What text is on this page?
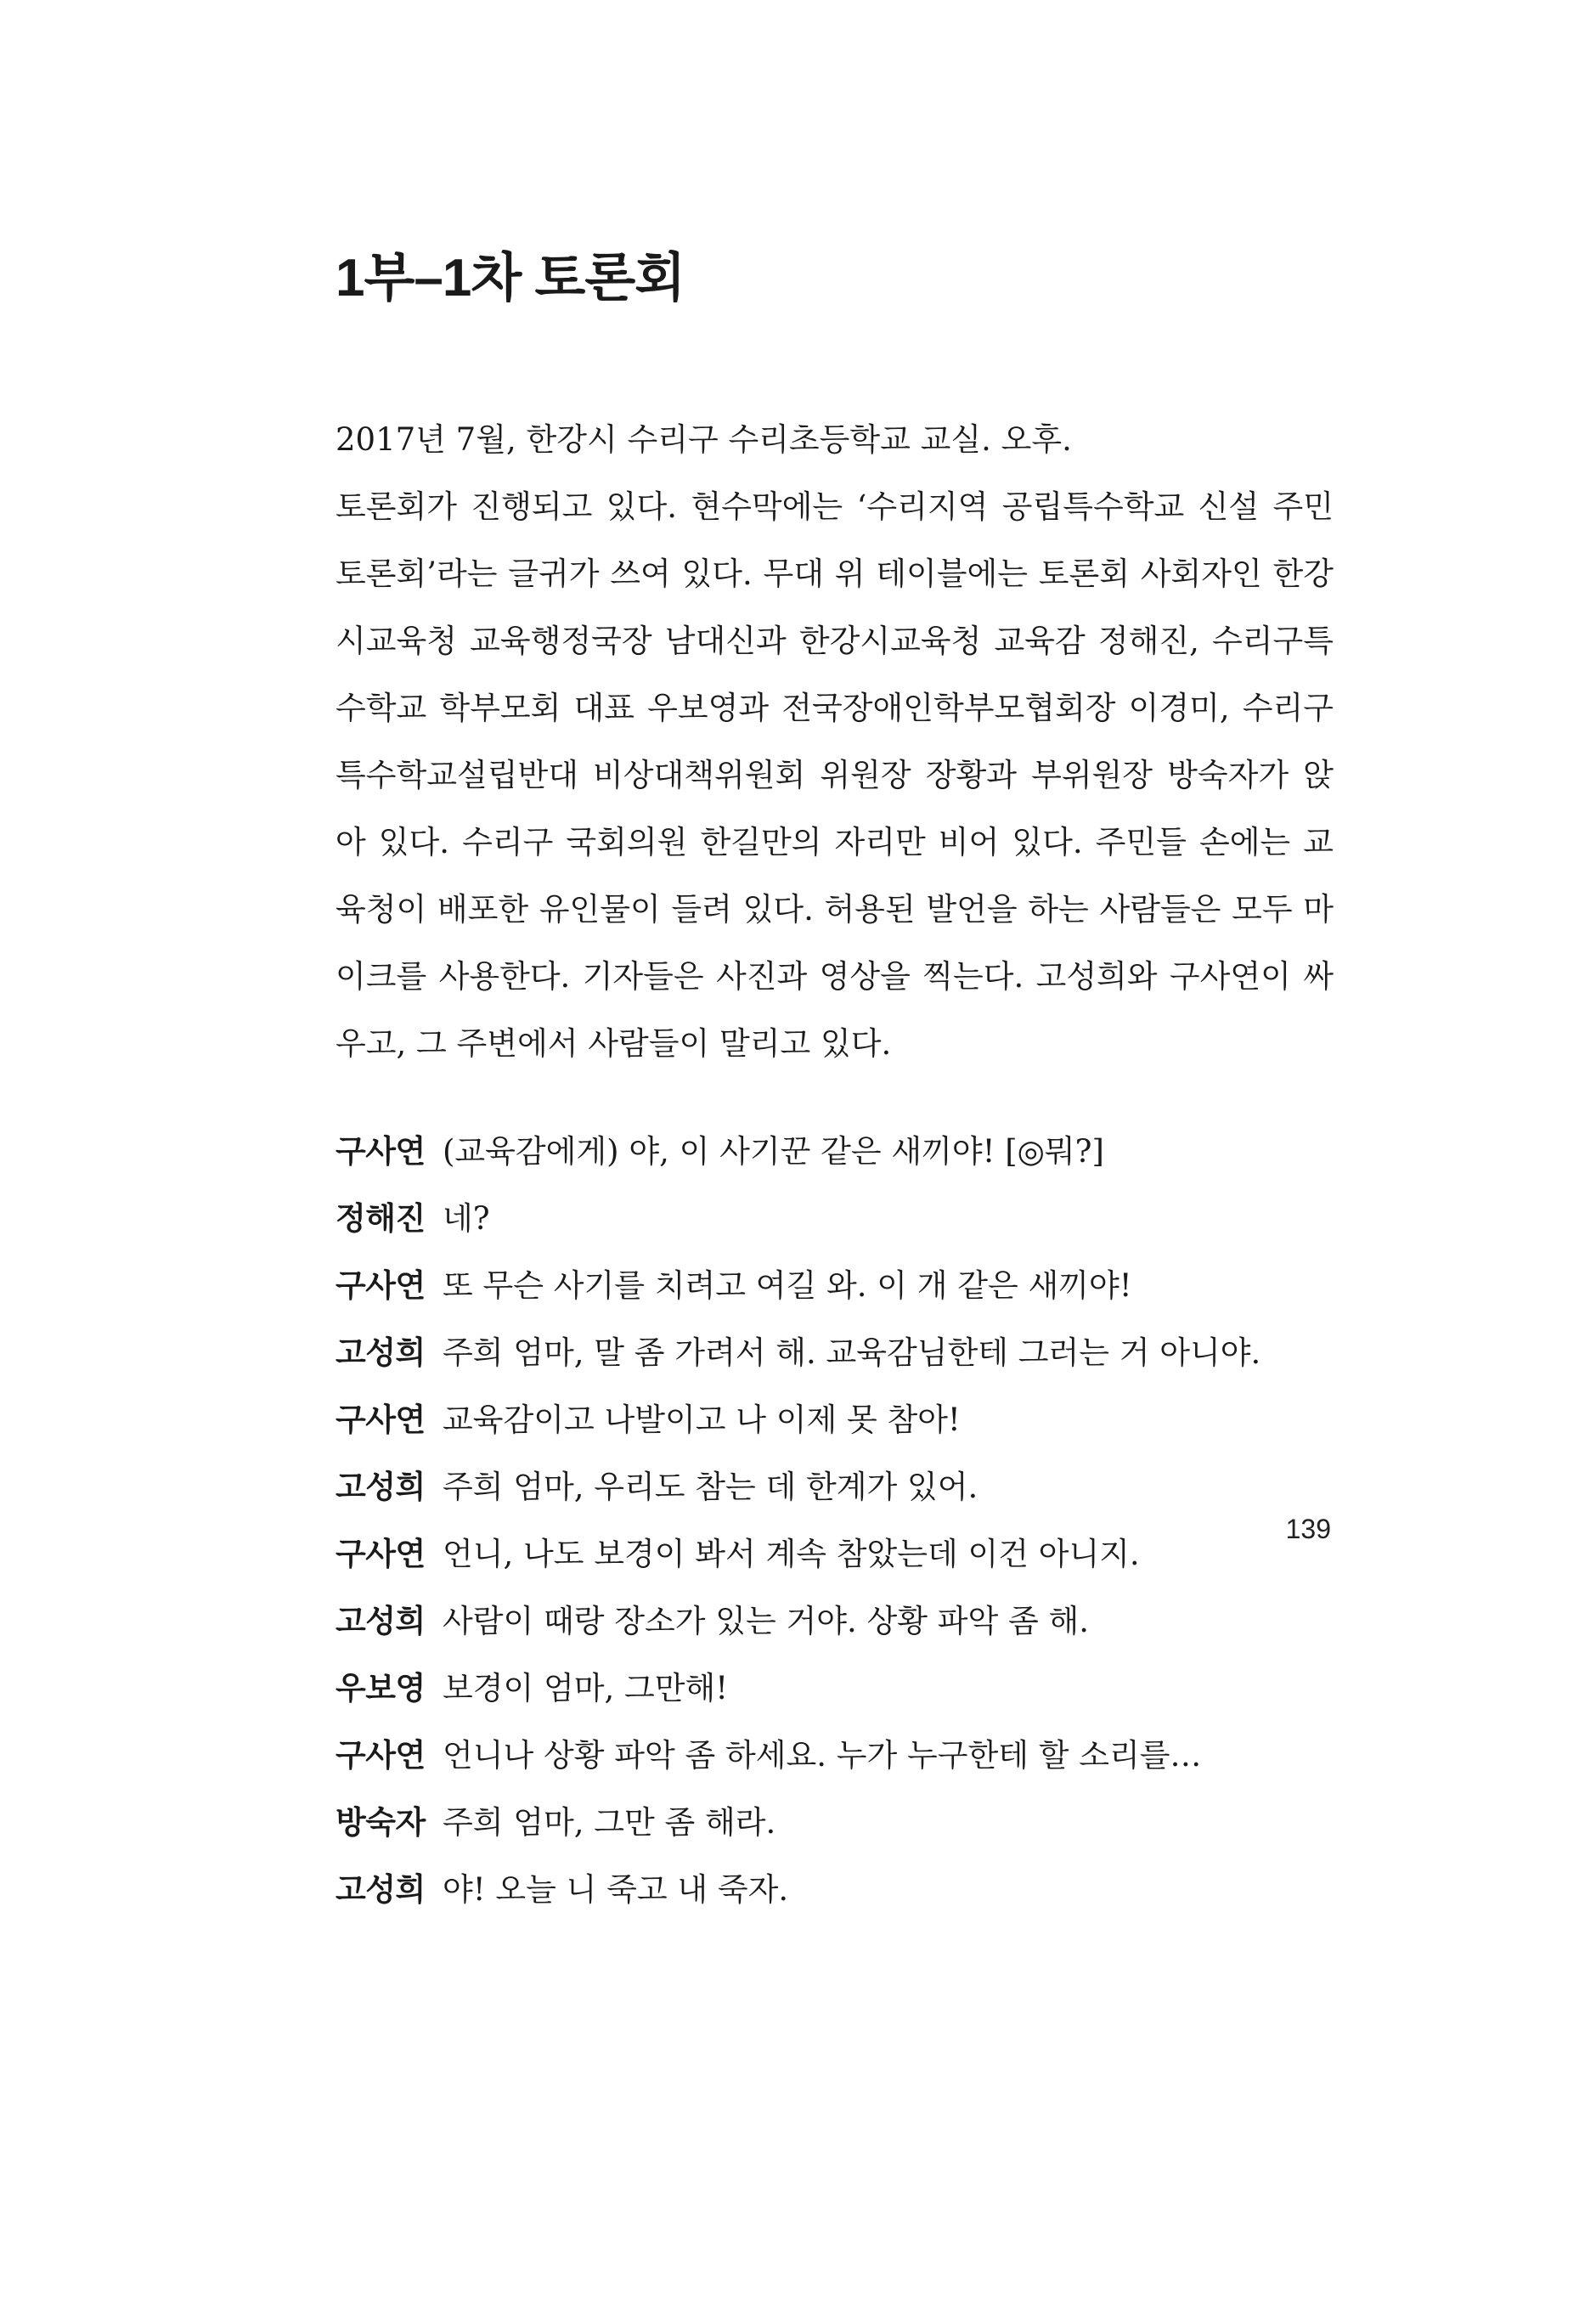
1부–1차 토론회

2017년 7월, 한강시 수리구 수리초등학교 교실. 오후.

토론회가 진행되고 있다. 현수막에는 ‘수리지역 공립특수학교 신설 주민 토론회’라는 글귀가 쓰여 있다. 무대 위 테이블에는 토론회 사회자인 한강시교육청 교육행정국장 남대신과 한강시교육청 교육감 정해진, 수리구특수학교 학부모회 대표 우보영과 전국장애인학부모협회장 이경미, 수리구특수학교설립반대 비상대책위원회 위원장 장황과 부위원장 방숙자가 앉아 있다. 수리구 국회의원 한길만의 자리만 비어 있다. 주민들 손에는 교육청이 배포한 유인물이 들려 있다. 허용된 발언을 하는 사람들은 모두 마이크를 사용한다. 기자들은 사진과 영상을 찍는다. 고성희와 구사연이 싸우고, 그 주변에서 사람들이 말리고 있다.

구사연 (교육감에게) 야, 이 사기꾼 같은 새끼야! [◎뭐?]
정해진 네?
구사연 또 무슨 사기를 치려고 여길 와. 이 개 같은 새끼야!
고성희 주희 엄마, 말 좀 가려서 해. 교육감님한테 그러는 거 아니야.
구사연 교육감이고 나발이고 나 이제 못 참아!
고성희 주희 엄마, 우리도 참는 데 한계가 있어.
구사연 언니, 나도 보경이 봐서 계속 참았는데 이건 아니지.
고성희 사람이 때랑 장소가 있는 거야. 상황 파악 좀 해.
우보영 보경이 엄마, 그만해!
구사연 언니나 상황 파악 좀 하세요. 누가 누구한테 할 소리를…
방숙자 주희 엄마, 그만 좀 해라.
고성희 야! 오늘 니 죽고 내 죽자.
139
